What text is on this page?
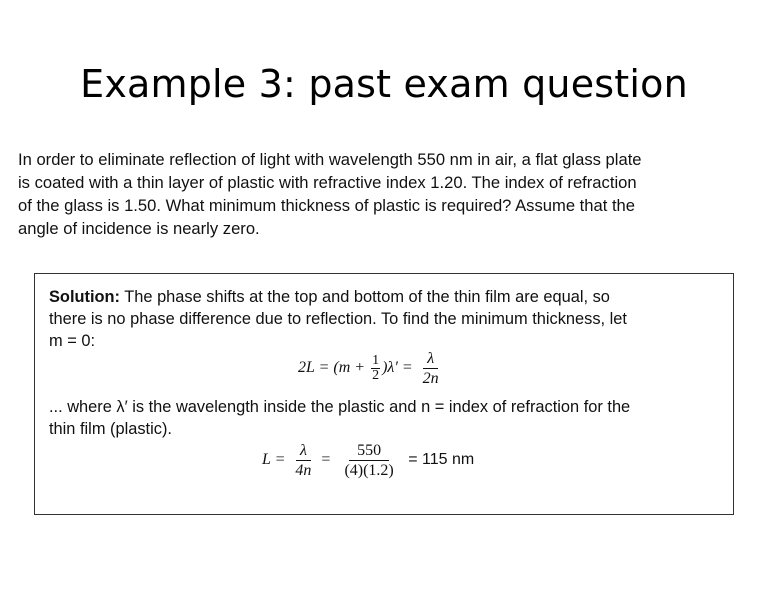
Example 3: past exam question
In order to eliminate reflection of light with wavelength 550 nm in air, a flat glass plate
is coated with a thin layer of plastic with refractive index 1.20. The index of refraction
of the glass is 1.50. What minimum thickness of plastic is required? Assume that the
angle of incidence is nearly zero.
Solution: The phase shifts at the top and bottom of the thin film are equal, so
there is no phase difference due to reflection. To find the minimum thickness, let
m = 0:
$2L = (m + \frac{1}{2} )\lambda' = \frac{\lambda}{2n}$
... where λ′ is the wavelength inside the plastic and n = index of refraction for the
thin film (plastic).
$L = \frac{\lambda}{4n} = \frac{550}{(4)(1.2)} = 115$ nm
